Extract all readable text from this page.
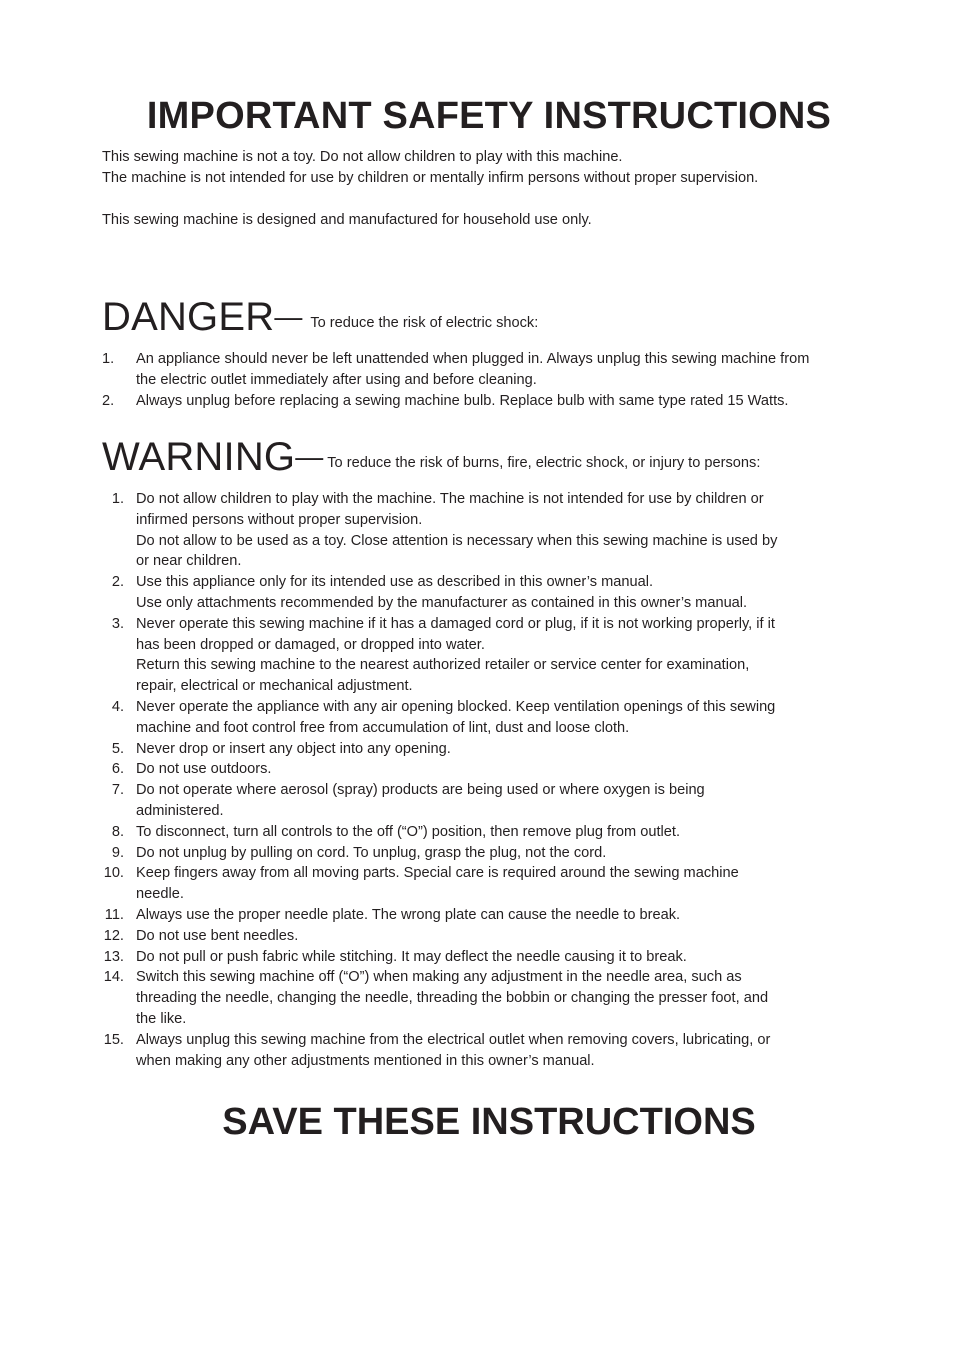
IMPORTANT SAFETY INSTRUCTIONS

This sewing machine is not a toy. Do not allow children to play with this machine.

The machine is not intended for use by children or mentally infirm persons without proper supervision.

This sewing machine is designed and manufactured for household use only.

DANGER— To reduce the risk of electric shock:
1.	An appliance should never be left unattended when plugged in. Always unplug this sewing machine from
the electric outlet immediately after using and before cleaning.
2.	Always unplug before replacing a sewing machine bulb. Replace bulb with same type rated 15 Watts.
WARNING— To reduce the risk of burns, fire, electric shock, or injury to persons:
1. Do not allow children to play with the machine. The machine is not intended for use by children or
infirmed persons without proper supervision.
Do not allow to be used as a toy. Close attention is necessary when this sewing machine is used by
or near children.
2. Use this appliance only for its intended use as described in this owner’s manual.
Use only attachments recommended by the manufacturer as contained in this owner’s manual.
3. Never operate this sewing machine if it has a damaged cord or plug, if it is not working properly, if it
has been dropped or damaged, or dropped into water.
Return this sewing machine to the nearest authorized retailer or service center for examination,
repair, electrical or mechanical adjustment.
4. Never operate the appliance with any air opening blocked. Keep ventilation openings of this sewing
machine and foot control free from accumulation of lint, dust and loose cloth.
5. Never drop or insert any object into any opening.
6. Do not use outdoors.
7. Do not operate where aerosol (spray) products are being used or where oxygen is being
administered.
8. To disconnect, turn all controls to the off (“O”) position, then remove plug from outlet.
9. Do not unplug by pulling on cord. To unplug, grasp the plug, not the cord.
10. Keep fingers away from all moving parts. Special care is required around the sewing machine
needle.
11. Always use the proper needle plate. The wrong plate can cause the needle to break.
12. Do not use bent needles.
13. Do not pull or push fabric while stitching. It may deflect the needle causing it to break.
14. Switch this sewing machine off (“O”) when making any adjustment in the needle area, such as
threading the needle, changing the needle, threading the bobbin or changing the presser foot, and
the like.
15. Always unplug this sewing machine from the electrical outlet when removing covers, lubricating, or
when making any other adjustments mentioned in this owner’s manual.
SAVE THESE INSTRUCTIONS
